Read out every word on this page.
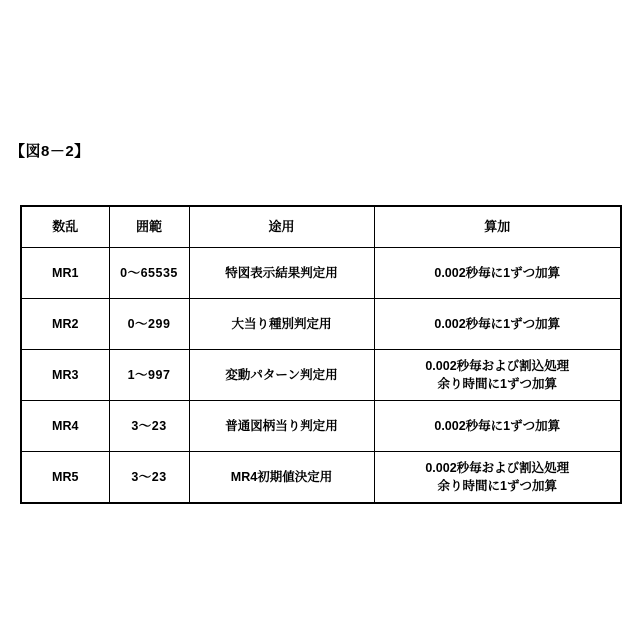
【図8－2】
数乱	囲範	途用	算加
MR1	0～65535	特図表示結果判定用	0.002秒毎に1ずつ加算

MR2	0～299	大当り種別判定用	0.002秒毎に1ずつ加算

MR3	1～997	変動パターン判定用	0.002秒毎および割込処理
余り時間に1ずつ加算

MR4	3～23	普通図柄当り判定用	0.002秒毎に1ずつ加算

MR5	3～23	MR4初期値決定用	0.002秒毎および割込処理
余り時間に1ずつ加算
